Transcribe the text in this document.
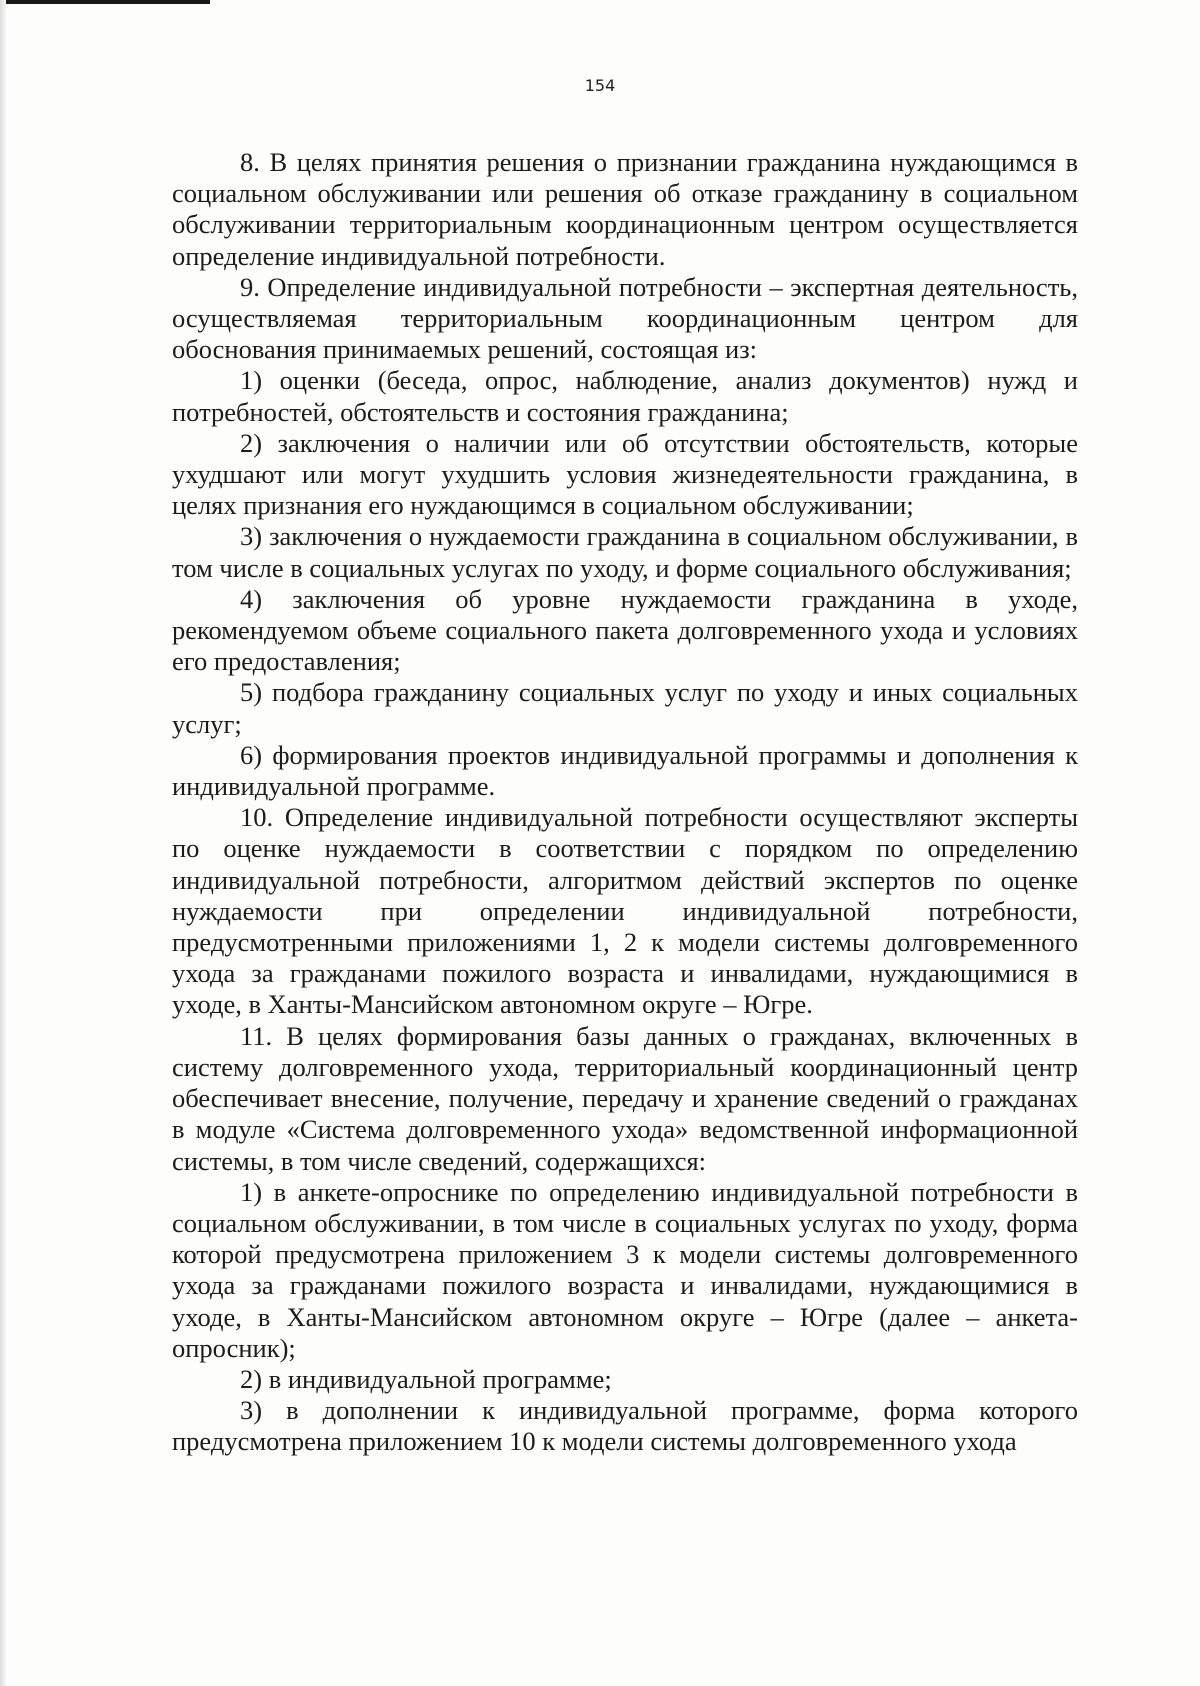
154

8. В целях принятия решения о признании гражданина нуждающимся в социальном обслуживании или решения об отказе гражданину в социальном обслуживании территориальным координационным центром осуществляется определение индивидуальной потребности.

9. Определение индивидуальной потребности – экспертная деятельность, осуществляемая территориальным координационным центром для обоснования принимаемых решений, состоящая из:

1) оценки (беседа, опрос, наблюдение, анализ документов) нужд и потребностей, обстоятельств и состояния гражданина;

2) заключения о наличии или об отсутствии обстоятельств, которые ухудшают или могут ухудшить условия жизнедеятельности гражданина, в целях признания его нуждающимся в социальном обслуживании;

3) заключения о нуждаемости гражданина в социальном обслуживании, в том числе в социальных услугах по уходу, и форме социального обслуживания;

4) заключения об уровне нуждаемости гражданина в уходе, рекомендуемом объеме социального пакета долговременного ухода и условиях его предоставления;

5) подбора гражданину социальных услуг по уходу и иных социальных услуг;

6) формирования проектов индивидуальной программы и дополнения к индивидуальной программе.

10. Определение индивидуальной потребности осуществляют эксперты по оценке нуждаемости в соответствии с порядком по определению индивидуальной потребности, алгоритмом действий экспертов по оценке нуждаемости при определении индивидуальной потребности, предусмотренными приложениями 1, 2 к модели системы долговременного ухода за гражданами пожилого возраста и инвалидами, нуждающимися в уходе, в Ханты-Мансийском автономном округе – Югре.

11. В целях формирования базы данных о гражданах, включенных в систему долговременного ухода, территориальный координационный центр обеспечивает внесение, получение, передачу и хранение сведений о гражданах в модуле «Система долговременного ухода» ведомственной информационной системы, в том числе сведений, содержащихся:

1) в анкете-опроснике по определению индивидуальной потребности в социальном обслуживании, в том числе в социальных услугах по уходу, форма которой предусмотрена приложением 3 к модели системы долговременного ухода за гражданами пожилого возраста и инвалидами, нуждающимися в уходе, в Ханты-Мансийском автономном округе – Югре (далее – анкета-опросник);

2) в индивидуальной программе;

3) в дополнении к индивидуальной программе, форма которого предусмотрена приложением 10 к модели системы долговременного ухода
